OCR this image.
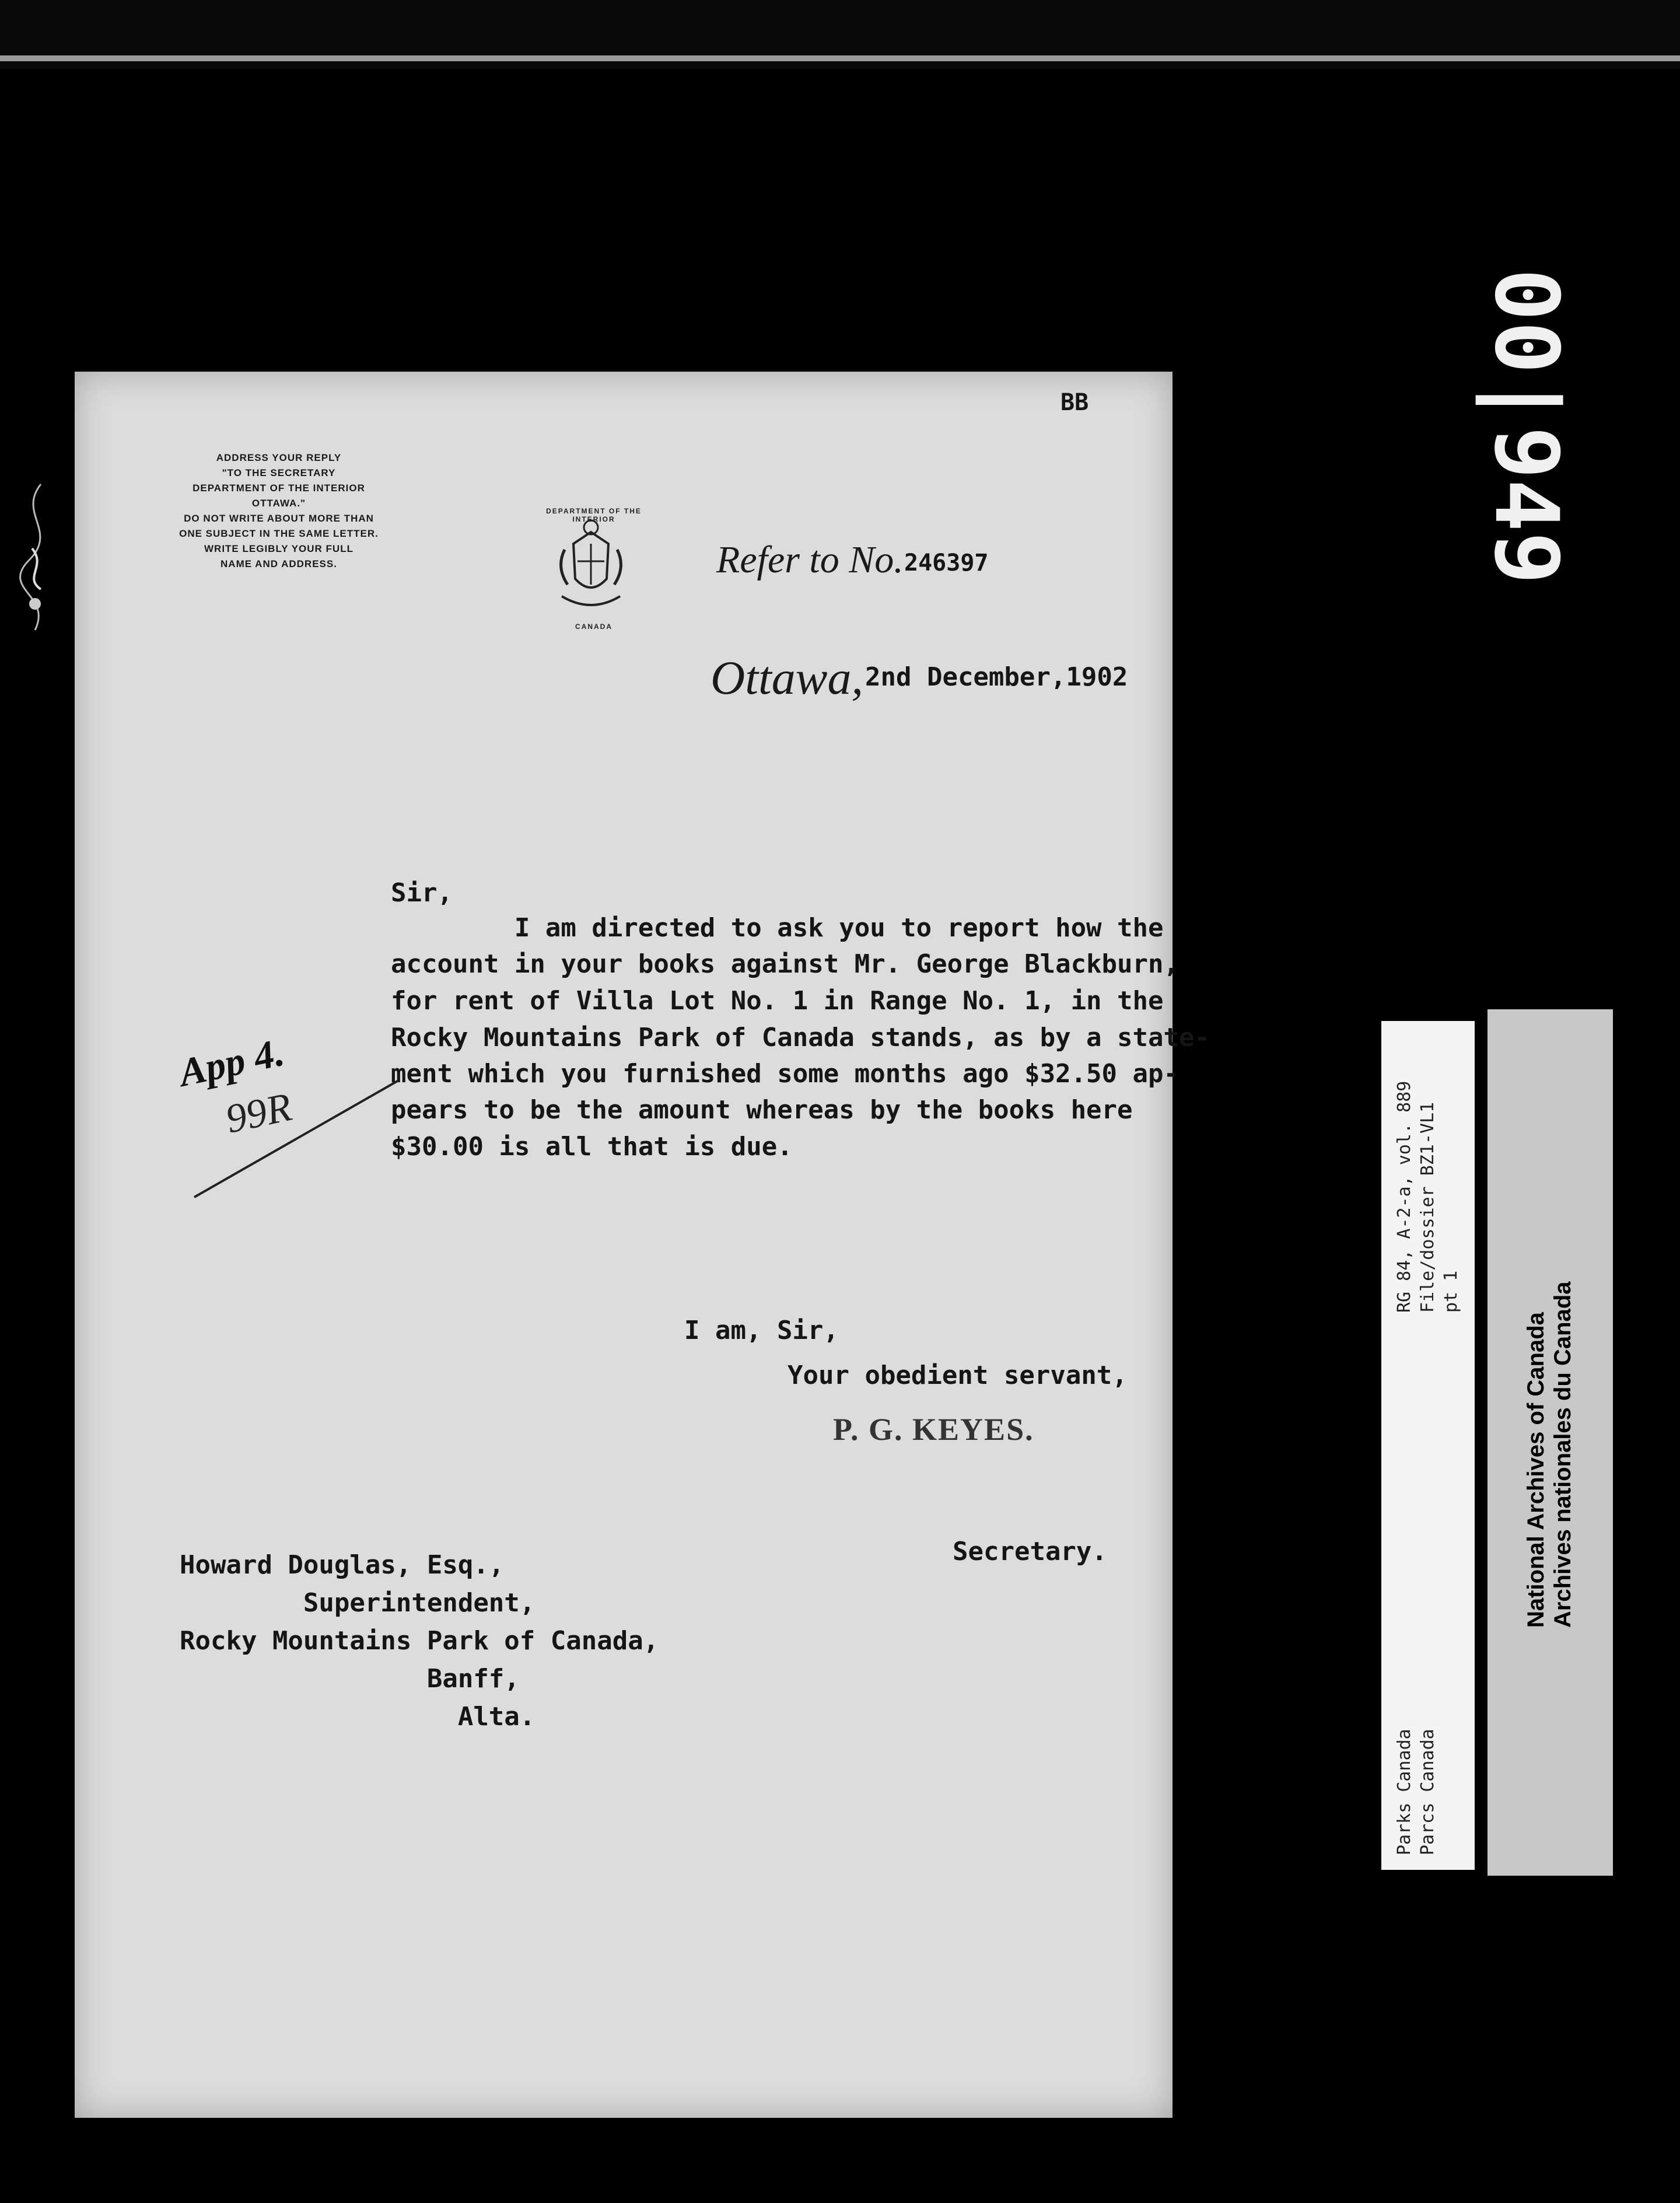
BB
ADDRESS YOUR REPLY
"TO THE SECRETARY
DEPARTMENT OF THE INTERIOR
OTTAWA."
DO NOT WRITE ABOUT MORE THAN
ONE SUBJECT IN THE SAME LETTER.
WRITE LEGIBLY YOUR FULL
NAME AND ADDRESS.
DEPARTMENT OF THE INTERIOR
CANADA
Refer to No. 246397
Ottawa, 2nd December,1902
Sir,
I am directed to ask you to report how the
account in your books against Mr. George Blackburn,
for rent of Villa Lot No. 1 in Range No. 1, in the
Rocky Mountains Park of Canada stands, as by a state-
ment which you furnished some months ago $32.50 ap-
pears to be the amount whereas by the books here
$30.00 is all that is due.
I am, Sir,
Your obedient servant,
P. G. KEYES.
Secretary.
Howard Douglas, Esq.,
Superintendent,
Rocky Mountains Park of Canada,
Banff,
Alta.
App 4.
99R
00|949
RG 84, A-2-a, vol. 889 File/dossier BZ1-VL1 pt 1
Parks Canada Parcs Canada
National Archives of Canada Archives nationales du Canada
